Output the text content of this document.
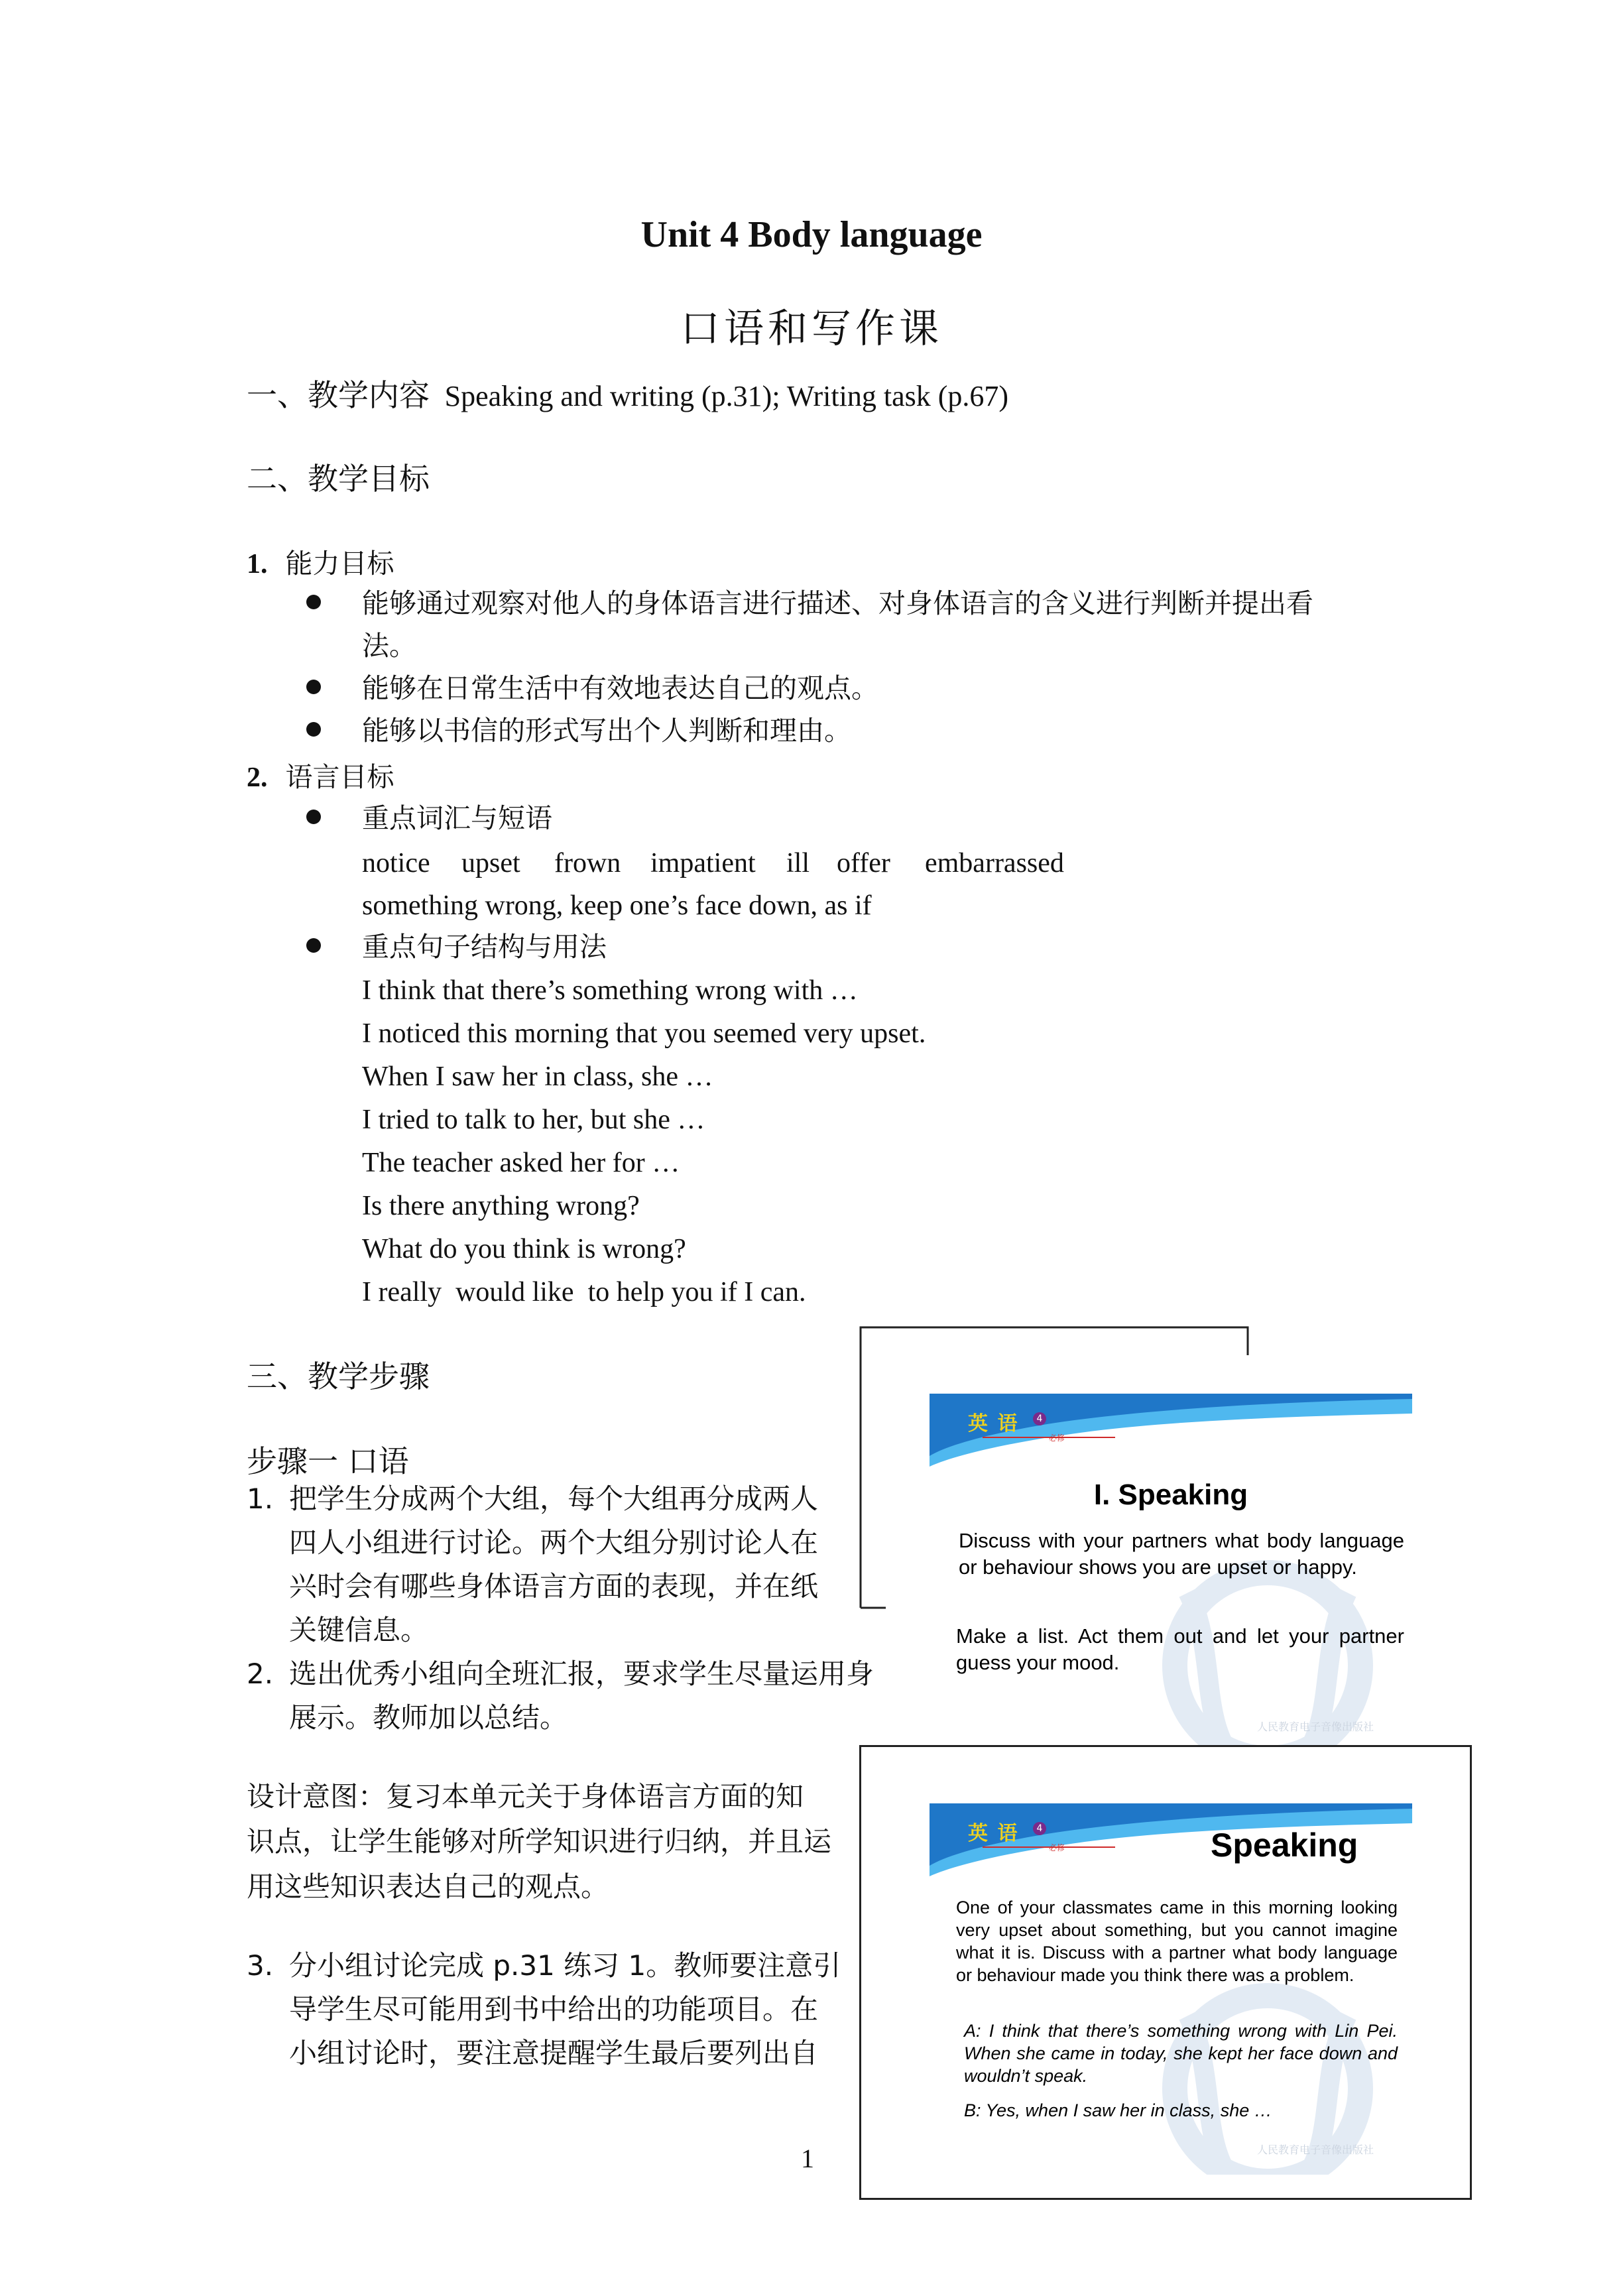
Unit 4 Body language
口语和写作课
一、教学内容 Speaking and writing (p.31); Writing task (p.67)
二、教学目标
1. 能力目标
能够通过观察对他人的身体语言进行描述、对身体语言的含义进行判断并提出看
法。
能够在日常生活中有效地表达自己的观点。
能够以书信的形式写出个人判断和理由。
2. 语言目标
重点词汇与短语
notice upset frown impatient ill offer embarrassed
something wrong, keep one’s face down, as if
重点句子结构与用法
I think that there’s something wrong with …
I noticed this morning that you seemed very upset.
When I saw her in class, she …
I tried to talk to her, but she …
The teacher asked her for …
Is there anything wrong?
What do you think is wrong?
I really  would like  to help you if I can.
三、教学步骤
步骤一 口语
1. 把学生分成两个大组，每个大组再分成两人
四人小组进行讨论。两个大组分别讨论人在
兴时会有哪些身体语言方面的表现，并在纸
关键信息。
2. 选出优秀小组向全班汇报，要求学生尽量运用身
展示。教师加以总结。
设计意图：复习本单元关于身体语言方面的知
识点，让学生能够对所学知识进行归纳，并且运
用这些知识表达自己的观点。
3. 分小组讨论完成 p.31 练习 1。教师要注意引
导学生尽可能用到书中给出的功能项目。在
小组讨论时，要注意提醒学生最后要列出自
英 语	4
必修
I. Speaking
Discuss with your partners what body language or behaviour shows you are upset or happy.
Make a list. Act them out and let your partner guess your mood.
人民教育电子音像出版社
英 语	4
必修	Speaking
One of your classmates came in this morning looking very upset about something, but you cannot imagine what it is. Discuss with a partner what body language or behaviour made you think there was a problem.
A: I think that there’s something wrong with Lin Pei. When she came in today, she kept her face down and wouldn’t speak.
B: Yes, when I saw her in class, she …
人民教育电子音像出版社
1
